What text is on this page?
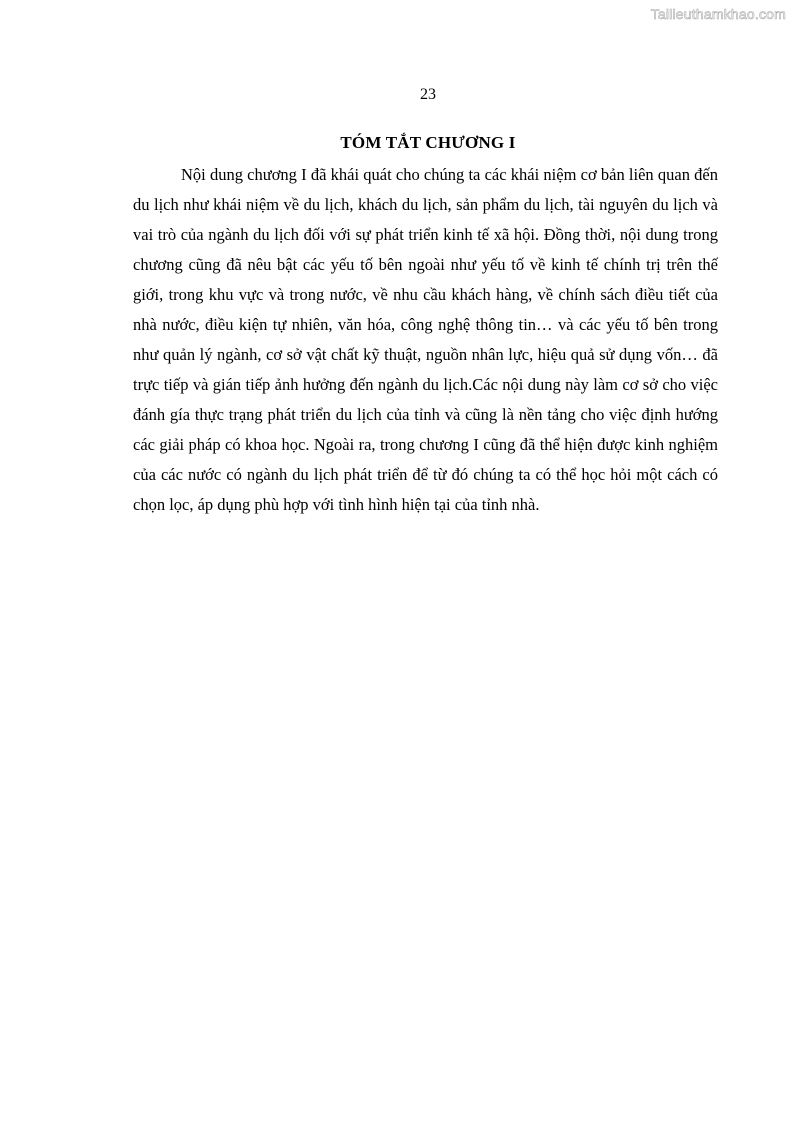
Tailieuthamkhao.com
23
TÓM TẮT CHƯƠNG I

Nội dung chương I đã khái quát cho chúng ta các khái niệm cơ bản liên quan đến du lịch như khái niệm về du lịch, khách du lịch, sản phẩm du lịch, tài nguyên du lịch và vai trò của ngành du lịch đối với sự phát triển kinh tế xã hội. Đồng thời, nội dung trong chương cũng đã nêu bật các yếu tố bên ngoài như yếu tố về kinh tế chính trị trên thế giới, trong khu vực và trong nước, về nhu cầu khách hàng, về chính sách điều tiết của nhà nước, điều kiện tự nhiên, văn hóa, công nghệ thông tin… và các yếu tố bên trong như quản lý ngành, cơ sở vật chất kỹ thuật, nguồn nhân lực, hiệu quả sử dụng vốn… đã trực tiếp và gián tiếp ảnh hưởng đến ngành du lịch.Các nội dung này làm cơ sở cho việc đánh gía thực trạng phát triển du lịch của tỉnh và cũng là nền tảng cho việc định hướng các giải pháp có khoa học. Ngoài ra, trong chương I cũng đã thể hiện được kinh nghiệm của các nước có ngành du lịch phát triển để từ đó chúng ta có thể học hỏi một cách có chọn lọc, áp dụng phù hợp với tình hình hiện tại của tỉnh nhà.
